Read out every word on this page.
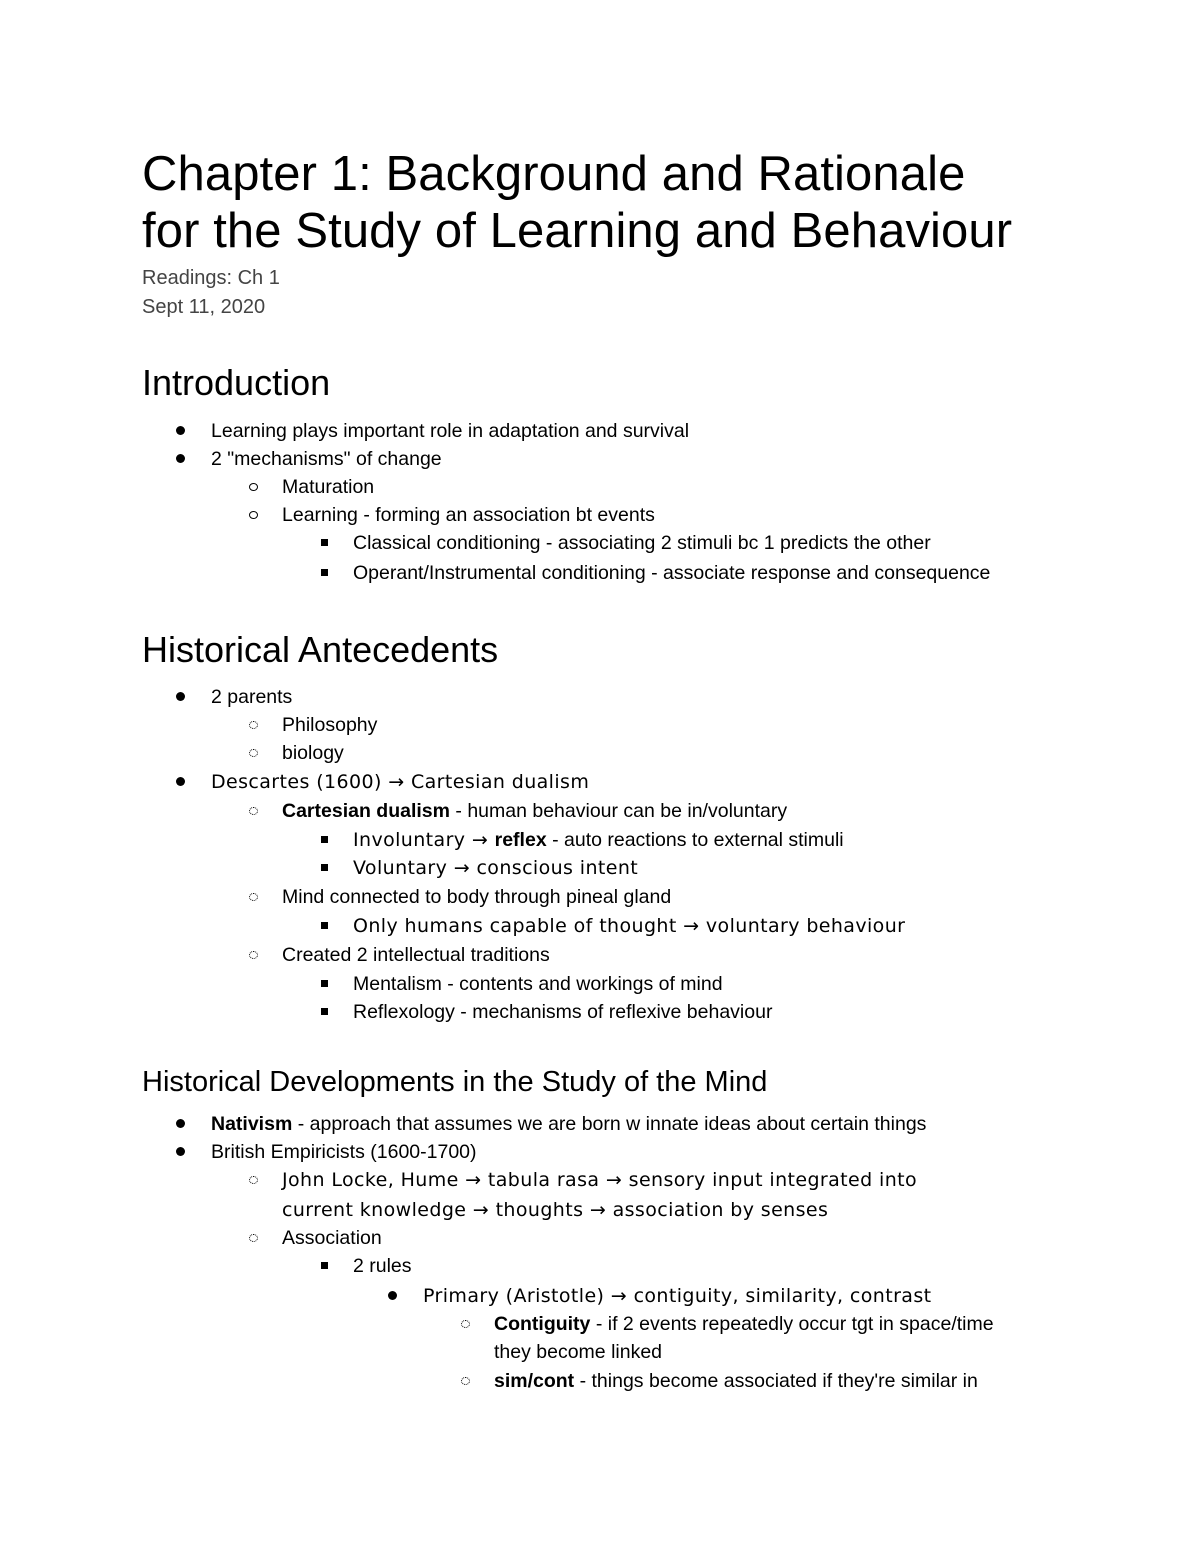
Chapter 1: Background and Rationale
for the Study of Learning and Behaviour
Readings: Ch 1
Sept 11, 2020
Introduction
Learning plays important role in adaptation and survival
2 "mechanisms" of change
Maturation
Learning - forming an association bt events
Classical conditioning - associating 2 stimuli bc 1 predicts the other
Operant/Instrumental conditioning - associate response and consequence
Historical Antecedents
2 parents
Philosophy
biology
Descartes (1600) → Cartesian dualism
Cartesian dualism - human behaviour can be in/voluntary
Involuntary → reflex - auto reactions to external stimuli
Voluntary → conscious intent
Mind connected to body through pineal gland
Only humans capable of thought → voluntary behaviour
Created 2 intellectual traditions
Mentalism - contents and workings of mind
Reflexology - mechanisms of reflexive behaviour
Historical Developments in the Study of the Mind
Nativism - approach that assumes we are born w innate ideas about certain things
British Empiricists (1600-1700)
John Locke, Hume → tabula rasa → sensory input integrated into
current knowledge → thoughts → association by senses
Association
2 rules
Primary (Aristotle) → contiguity, similarity, contrast
Contiguity - if 2 events repeatedly occur tgt in space/time
they become linked
sim/cont - things become associated if they're similar in
